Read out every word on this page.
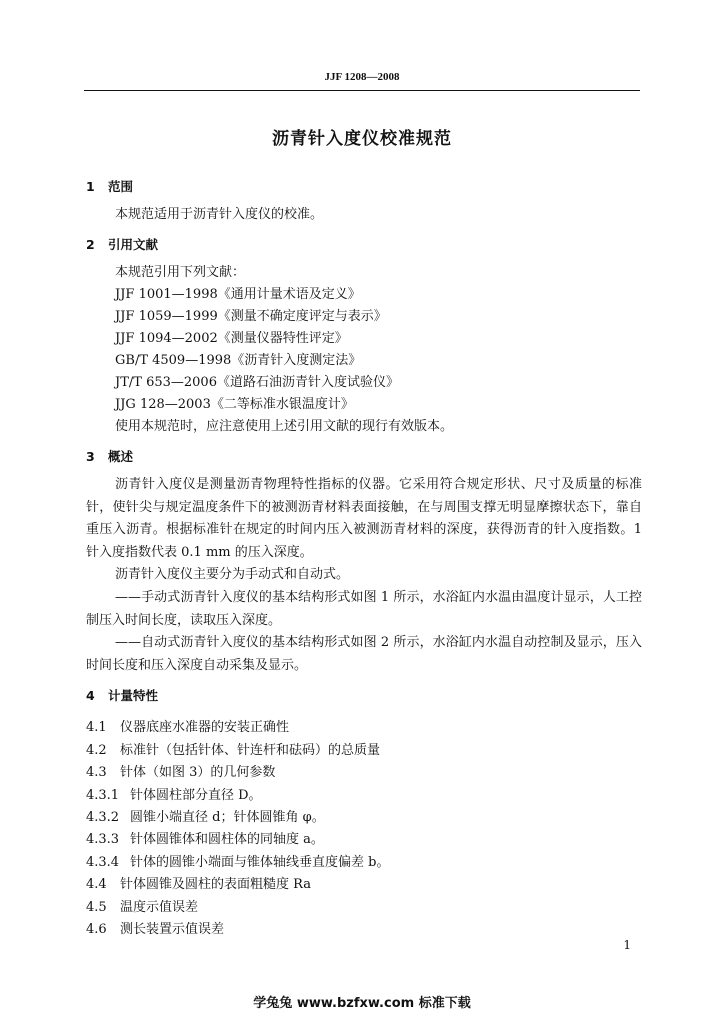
JJF 1208—2008
沥青针入度仪校准规范
1 范围

本规范适用于沥青针入度仪的校准。

2 引用文献

本规范引用下列文献：

JJF 1001—1998《通用计量术语及定义》

JJF 1059—1999《测量不确定度评定与表示》

JJF 1094—2002《测量仪器特性评定》

GB/T 4509—1998《沥青针入度测定法》

JT/T 653—2006《道路石油沥青针入度试验仪》

JJG 128—2003《二等标准水银温度计》

使用本规范时，应注意使用上述引用文献的现行有效版本。

3 概述

沥青针入度仪是测量沥青物理特性指标的仪器。它采用符合规定形状、尺寸及质量的标准针，使针尖与规定温度条件下的被测沥青材料表面接触，在与周围支撑无明显摩擦状态下，靠自重压入沥青。根据标准针在规定的时间内压入被测沥青材料的深度，获得沥青的针入度指数。1 针入度指数代表 0.1 mm 的压入深度。

沥青针入度仪主要分为手动式和自动式。

——手动式沥青针入度仪的基本结构形式如图 1 所示，水浴缸内水温由温度计显示，人工控制压入时间长度，读取压入深度。

——自动式沥青针入度仪的基本结构形式如图 2 所示，水浴缸内水温自动控制及显示，压入时间长度和压入深度自动采集及显示。

4 计量特性

4.1 仪器底座水准器的安装正确性

4.2 标准针（包括针体、针连杆和砝码）的总质量

4.3 针体（如图 3）的几何参数

4.3.1 针体圆柱部分直径 D。

4.3.2 圆锥小端直径 d；针体圆锥角 φ。

4.3.3 针体圆锥体和圆柱体的同轴度 a。

4.3.4 针体的圆锥小端面与锥体轴线垂直度偏差 b。

4.4 针体圆锥及圆柱的表面粗糙度 Ra

4.5 温度示值误差

4.6 测长装置示值误差

1
学兔兔 www.bzfxw.com 标准下载
